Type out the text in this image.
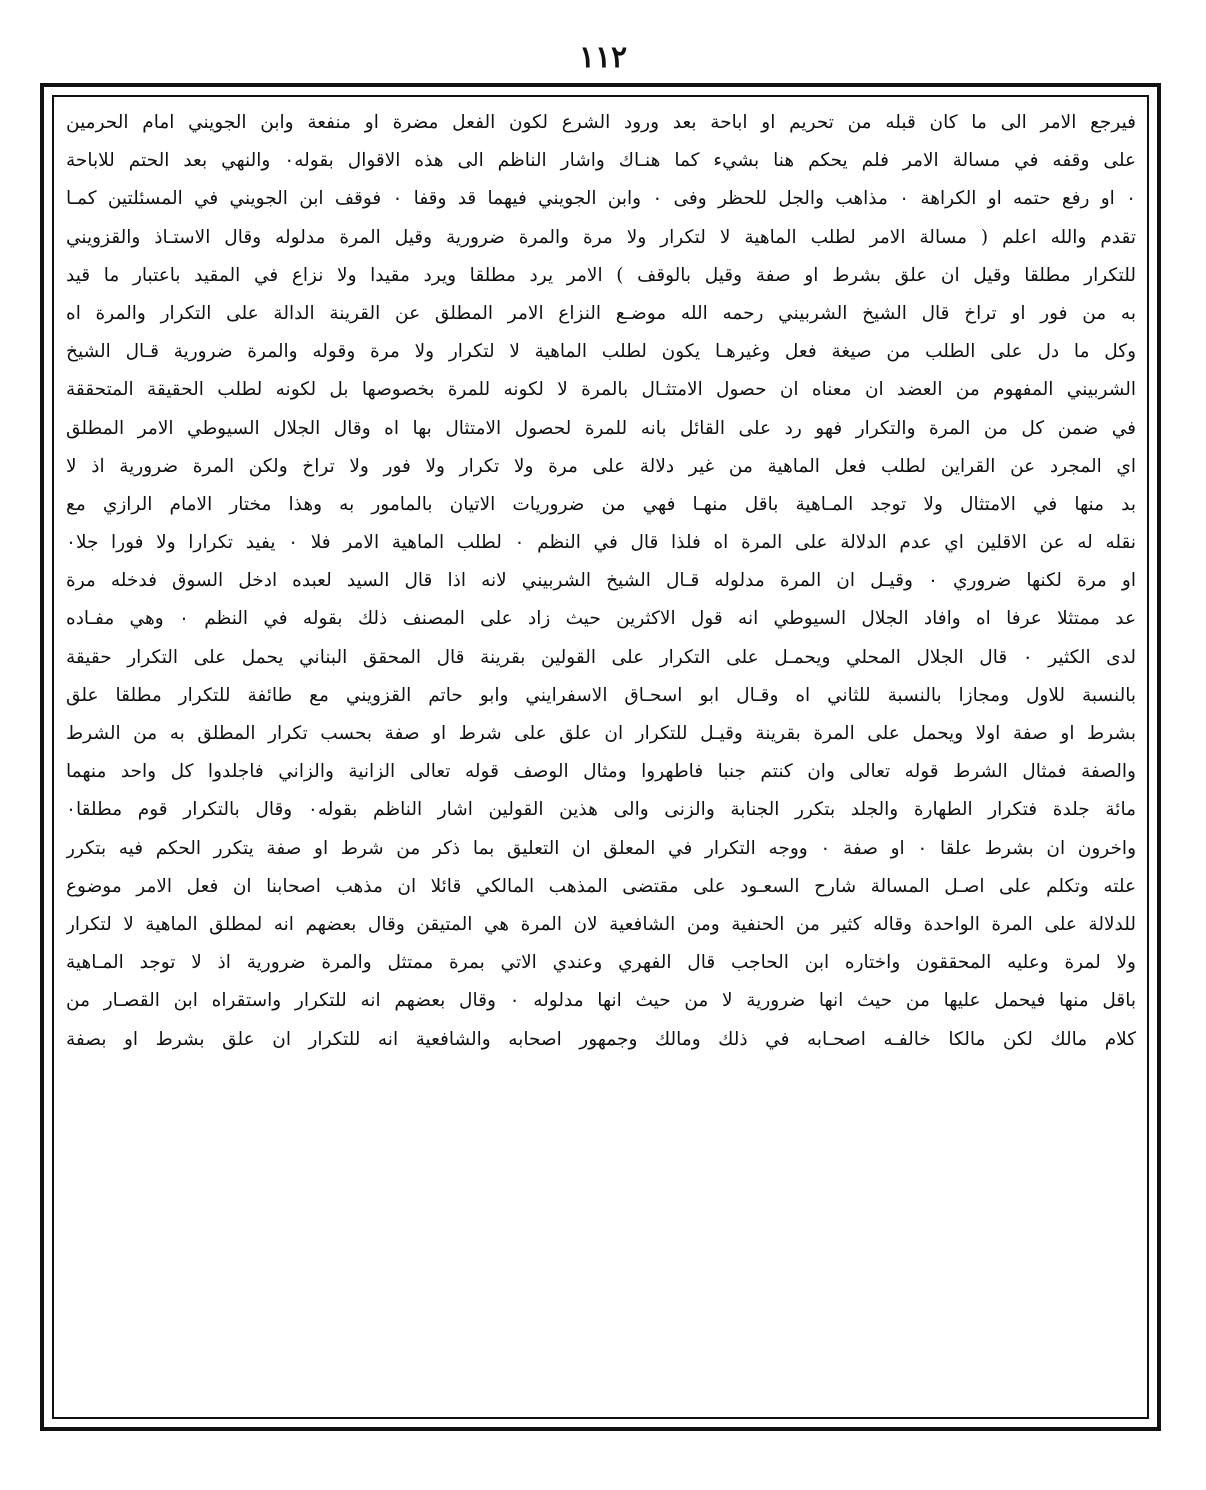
١١٢
فيرجع الامر الى ما كان قبله من تحريم او اباحة بعد ورود الشرع لكون الفعل مضرة او منفعة وابن الجويني امام الحرمين
على وقفه في مسالة الامر فلم يحكم هنا بشيء كما هنـاك واشار الناظم الى هذه الاقوال بقوله٠ والنهي بعد الحتم للاباحة
٠ او رفع حتمه او الكراهة ٠ مذاهب والجل للحظر وفى ٠ وابن الجويني فيهما قد وقفا ٠ فوقف ابن الجويني في المسئلتين كمـا
تقدم والله اعلم ( مسالة الامر لطلب الماهية لا لتكرار ولا مرة والمرة ضرورية وقيل المرة مدلوله وقال الاستـاذ والقزويني
للتكرار مطلقا وقيل ان علق بشرط او صفة وقيل بالوقف ) الامر يرد مطلقا ويرد مقيدا ولا نزاع في المقيد باعتبار ما قيد
به من فور او تراخ قال الشيخ الشربيني رحمه الله موضـع النزاع الامر المطلق عن القرينة الدالة على التكرار والمرة اه
وكل ما دل على الطلب من صيغة فعل وغيرهـا يكون لطلب الماهية لا لتكرار ولا مرة وقوله والمرة ضرورية قـال الشيخ
الشربيني المفهوم من العضد ان معناه ان حصول الامتثـال بالمرة لا لكونه للمرة بخصوصها بل لكونه لطلب الحقيقة المتحققة
في ضمن كل من المرة والتكرار فهو رد على القائل بانه للمرة لحصول الامتثال بها اه وقال الجلال السيوطي الامر المطلق
اي المجرد عن القراين لطلب فعل الماهية من غير دلالة على مرة ولا تكرار ولا فور ولا تراخ ولكن المرة ضرورية اذ لا
بد منها في الامتثال ولا توجد المـاهية باقل منهـا فهي من ضروريات الاتيان بالمامور به وهذا مختار الامام الرازي مع
نقله له عن الاقلين اي عدم الدلالة على المرة اه فلذا قال في النظم ٠ لطلب الماهية الامر فلا ٠ يفيد تكرارا ولا فورا جلا٠
او مرة لكنها ضروري ٠ وقيـل ان المرة مدلوله قـال الشيخ الشربيني لانه اذا قال السيد لعبده ادخل السوق فدخله مرة
عد ممتثلا عرفا اه وافاد الجلال السيوطي انه قول الاكثرين حيث زاد على المصنف ذلك بقوله في النظم ٠ وهي مفـاده
لدى الكثير ٠ قال الجلال المحلي ويحمـل على التكرار على القولين بقرينة قال المحقق البناني يحمل على التكرار حقيقة
بالنسبة للاول ومجازا بالنسبة للثاني اه وقـال ابو اسحـاق الاسفرايني وابو حاتم القزويني مع طائفة للتكرار مطلقا علق
بشرط او صفة اولا ويحمل على المرة بقرينة وقيـل للتكرار ان علق على شرط او صفة بحسب تكرار المطلق به من الشرط
والصفة فمثال الشرط قوله تعالى وان كنتم جنبا فاطهروا ومثال الوصف قوله تعالى الزانية والزاني فاجلدوا كل واحد منهما
مائة جلدة فتكرار الطهارة والجلد بتكرر الجنابة والزنى والى هذين القولين اشار الناظم بقوله٠ وقال بالتكرار قوم مطلقا٠
واخرون ان بشرط علقا ٠ او صفة ٠ ووجه التكرار في المعلق ان التعليق بما ذكر من شرط او صفة يتكرر الحكم فيه بتكرر
علته وتكلم على اصـل المسالة شارح السعـود على مقتضى المذهب المالكي قائلا ان مذهب اصحابنا ان فعل الامر موضوع
للدلالة على المرة الواحدة وقاله كثير من الحنفية ومن الشافعية لان المرة هي المتيقن وقال بعضهم انه لمطلق الماهية لا لتكرار
ولا لمرة وعليه المحققون واختاره ابن الحاجب قال الفهري وعندي الاتي بمرة ممتثل والمرة ضرورية اذ لا توجد المـاهية
باقل منها فيحمل عليها من حيث انها ضرورية لا من حيث انها مدلوله ٠ وقال بعضهم انه للتكرار واستقراه ابن القصـار من
كلام مالك لكن مالكا خالفـه اصحـابه في ذلك ومالك وجمهور اصحابه والشافعية انه للتكرار ان علق بشرط او بصفة
